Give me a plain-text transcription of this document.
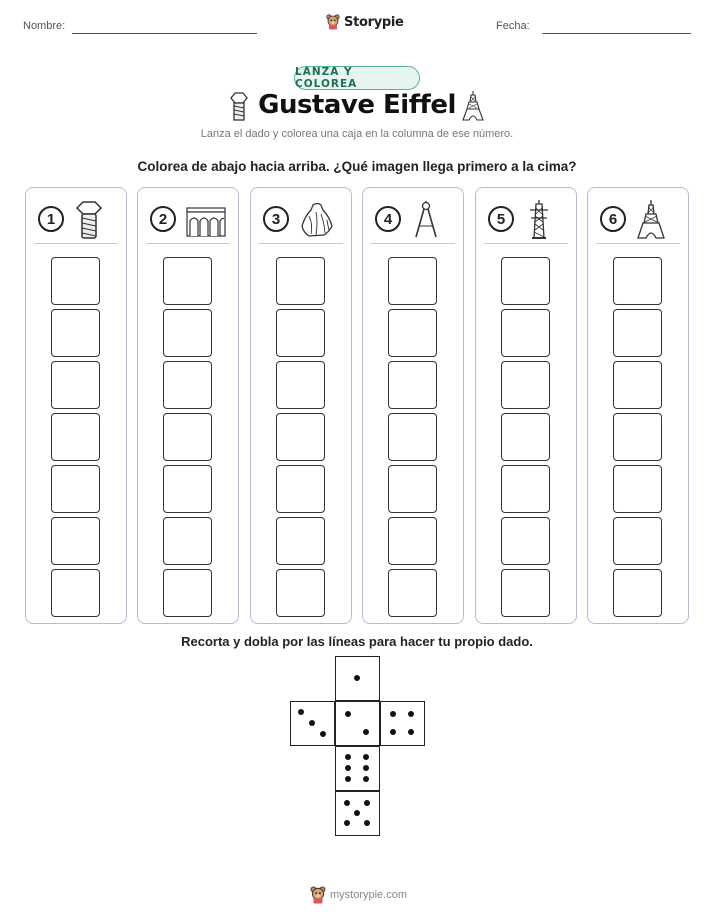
Nombre:	Storypie	Fecha:
LANZA Y COLOREA
Gustave Eiffel
Lanza el dado y colorea una caja en la columna de ese número.
Colorea de abajo hacia arriba. ¿Qué imagen llega primero a la cima?
1	2	3	4	5	6
Recorta y dobla por las líneas para hacer tu propio dado.
mystorypie.com
